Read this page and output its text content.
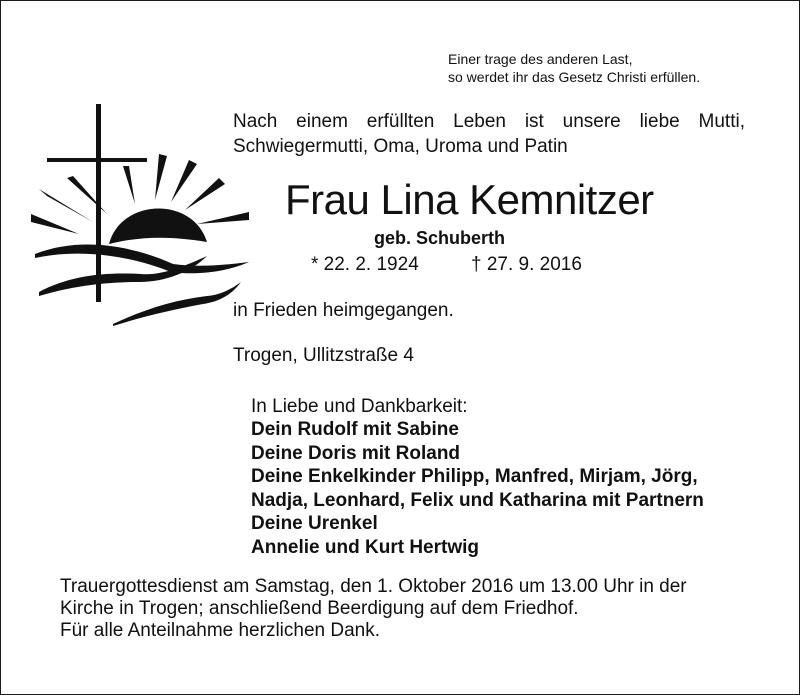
Einer trage des anderen Last,
so werdet ihr das Gesetz Christi erfüllen.
Nach einem erfüllten Leben ist unsere liebe Mutti,
Schwiegermutti, Oma, Uroma und Patin
Frau Lina Kemnitzer
geb. Schuberth
* 22. 2. 1924	† 27. 9. 2016
in Frieden heimgegangen.
Trogen, Ullitzstraße 4
In Liebe und Dankbarkeit:
Dein Rudolf mit Sabine
Deine Doris mit Roland
Deine Enkelkinder Philipp, Manfred, Mirjam, Jörg,
Nadja, Leonhard, Felix und Katharina mit Partnern
Deine Urenkel
Annelie und Kurt Hertwig
Trauergottesdienst am Samstag, den 1. Oktober 2016 um 13.00 Uhr in der
Kirche in Trogen; anschließend Beerdigung auf dem Friedhof.
Für alle Anteilnahme herzlichen Dank.
